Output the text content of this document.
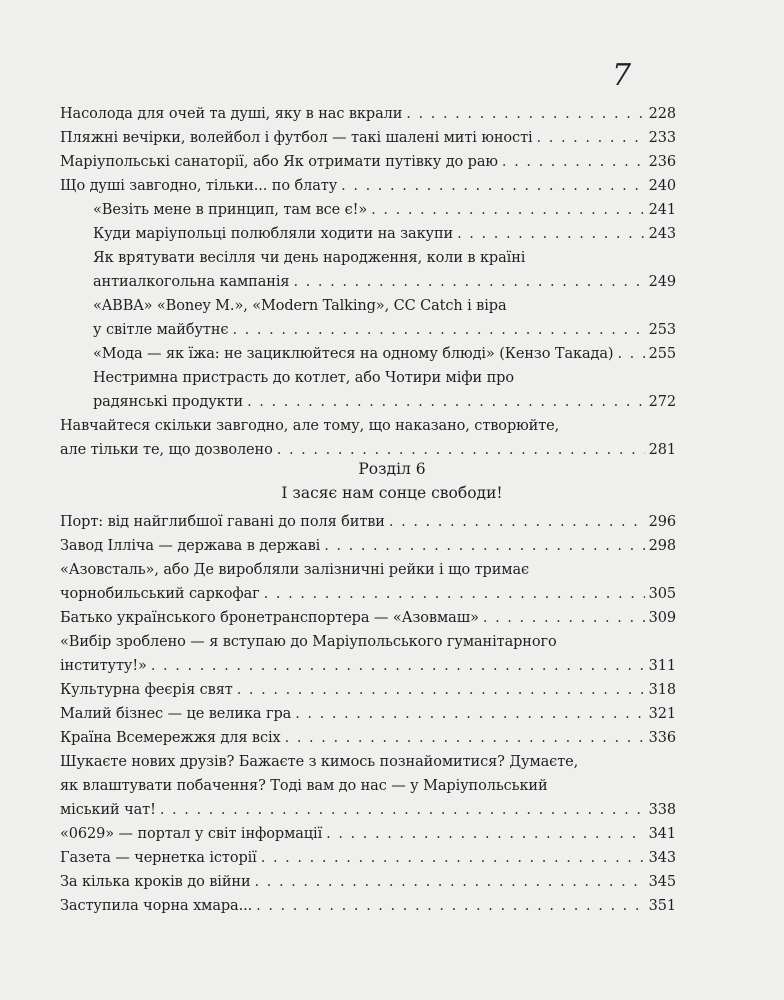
7
Насолода для очей та душі, яку в нас вкрали . . .	228
Пляжні вечірки, волейбол і футбол — такі шалені миті юності . . .	233
Маріупольські санаторії, або Як отримати путівку до раю . . .	236
Що душі завгодно, тільки... по блату . . .	240
«Везіть мене в принцип, там все є!» . . .	241
Куди маріупольці полюбляли ходити на закупи . . .	243
Як врятувати весілля чи день народження, коли в країні
антиалкогольна кампанія . . .	249
«ABBA» «Boney M.», «Modern Talking», CC Catch і віра
у світле майбутнє . . .	253
«Мода — як їжа: не зациклюйтеся на одному блюді» (Кензо Такада) . . . 255
Нестримна пристрасть до котлет, або Чотири міфи про
радянські продукти . . .	272
Навчайтеся скільки завгодно, але тому, що наказано, створюйте,
але тільки те, що дозволено . . .	281
Розділ 6
І засяє нам сонце свободи!
Порт: від найглибшої гавані до поля битви . . .	296
Завод Ілліча — держава в державі . . .	298
«Азовсталь», або Де виробляли залізничні рейки і що тримає
чорнобильський саркофаг . . .	305
Батько українського бронетранспортера — «Азовмаш» . . .	309
«Вибір зроблено — я вступаю до Маріупольського гуманітарного
інституту!» . . .	311
Культурна феєрія свят . . .	318
Малий бізнес — це велика гра . . .	321
Країна Всемережжя для всіх . . .	336
Шукаєте нових друзів? Бажаєте з кимось познайомитися? Думаєте,
як влаштувати побачення? Тоді вам до нас — у Маріупольський
міський чат! . . .	338
«0629» — портал у світ інформації . . .	341
Газета — чернетка історії . . .	343
За кілька кроків до війни . . .	345
Заступила чорна хмара... . . .	351
